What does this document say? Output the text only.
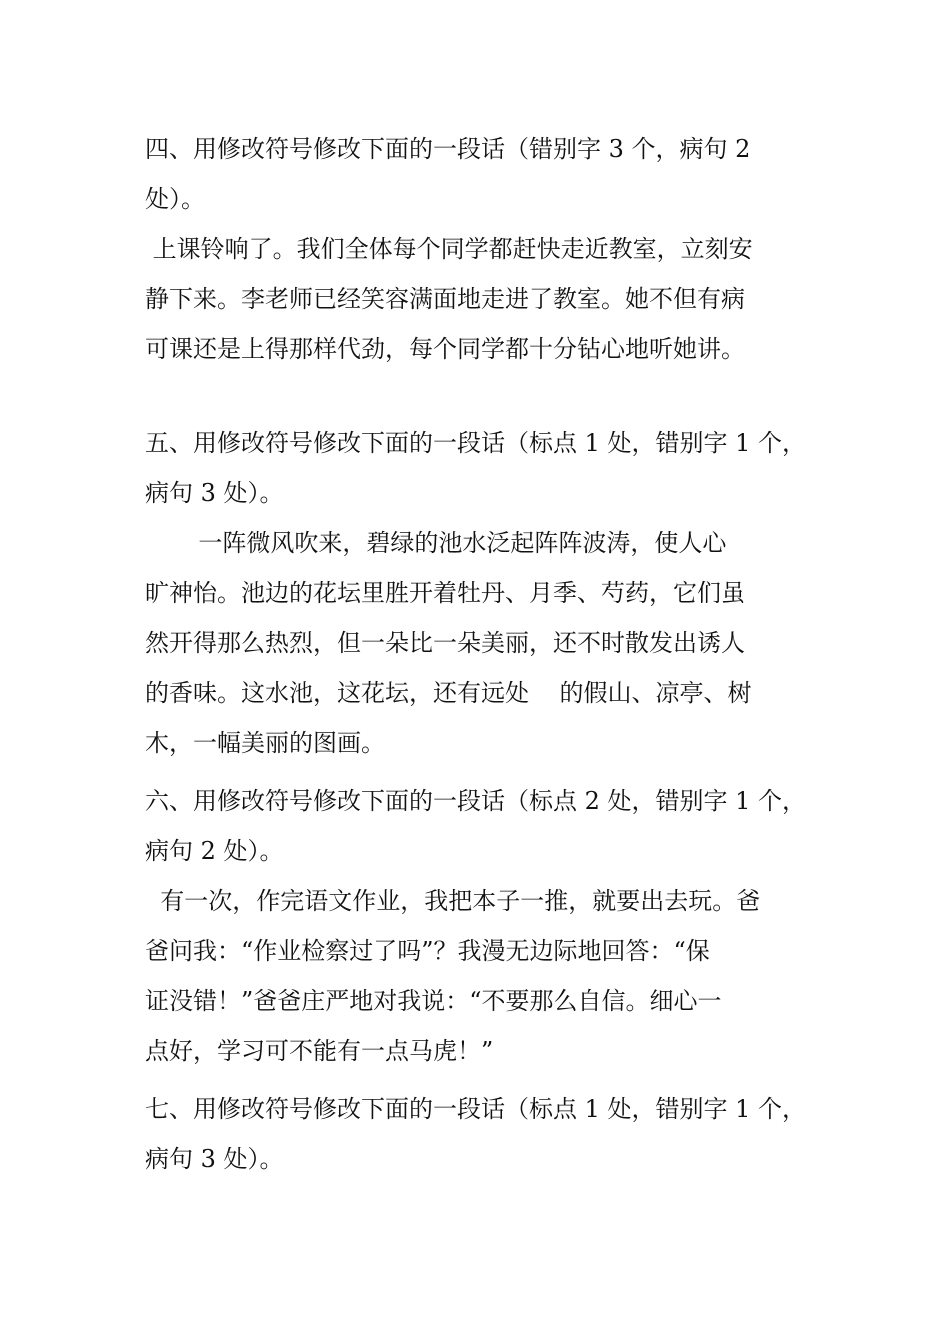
四、用修改符号修改下面的一段话（错别字 3 个，病句 2
处）。
上课铃响了。我们全体每个同学都赶快走近教室，立刻安
静下来。李老师已经笑容满面地走进了教室。她不但有病
可课还是上得那样代劲，每个同学都十分钻心地听她讲。
五、用修改符号修改下面的一段话（标点 1 处，错别字 1 个，
病句 3 处）。
一阵微风吹来，碧绿的池水泛起阵阵波涛，使人心
旷神怡。池边的花坛里胜开着牡丹、月季、芍药，它们虽
然开得那么热烈，但一朵比一朵美丽，还不时散发出诱人
的香味。这水池，这花坛，还有远处    的假山、凉亭、树
木，一幅美丽的图画。
六、用修改符号修改下面的一段话（标点 2 处，错别字 1 个，
病句 2 处）。
有一次，作完语文作业，我把本子一推，就要出去玩。爸
爸问我：“作业检察过了吗”？我漫无边际地回答：“保
证没错！”爸爸庄严地对我说：“不要那么自信。细心一
点好，学习可不能有一点马虎！”
七、用修改符号修改下面的一段话（标点 1 处，错别字 1 个，
病句 3 处）。
